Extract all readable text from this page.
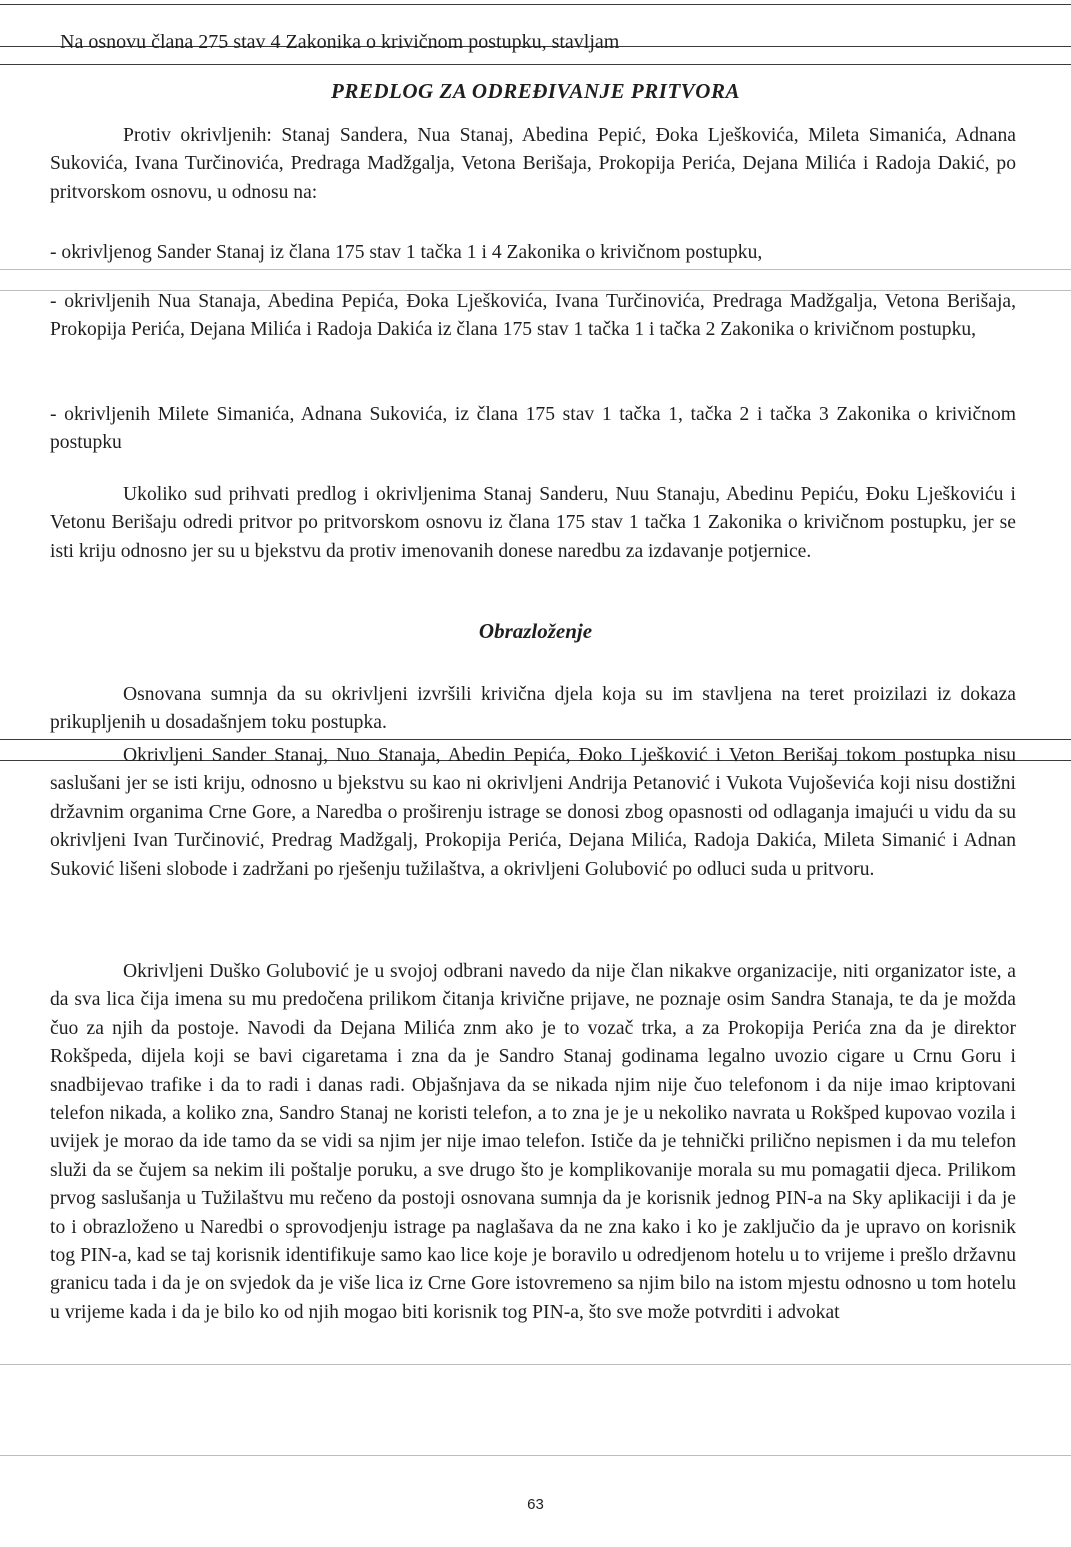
Na osnovu člana 275 stav 4 Zakonika o krivičnom postupku, stavljam
PREDLOG ZA ODREĐIVANJE PRITVORA

Protiv okrivljenih: Stanaj Sandera, Nua Stanaj, Abedina Pepić, Đoka Lješkovića, Mileta Simanića, Adnana Sukovića, Ivana Turčinovića, Predraga Madžgalja, Vetona Berišaja, Prokopija Perića, Dejana Milića i Radoja Dakić, po pritvorskom osnovu, u odnosu na:

- okrivljenog Sander Stanaj iz člana 175 stav 1 tačka 1 i 4 Zakonika o krivičnom postupku,

- okrivljenih Nua Stanaja, Abedina Pepića, Đoka Lješkovića, Ivana Turčinovića, Predraga Madžgalja, Vetona Berišaja, Prokopija Perića, Dejana Milića i Radoja Dakića iz člana 175 stav 1 tačka 1 i tačka 2 Zakonika o krivičnom postupku,

- okrivljenih Milete Simanića, Adnana Sukovića, iz člana 175 stav 1 tačka 1, tačka 2 i tačka 3 Zakonika o krivičnom postupku

Ukoliko sud prihvati predlog i okrivljenima Stanaj Sanderu, Nuu Stanaju, Abedinu Pepiću, Đoku Lješkoviću i Vetonu Berišaju odredi pritvor po pritvorskom osnovu iz člana 175 stav 1 tačka 1 Zakonika o krivičnom postupku, jer se isti kriju odnosno jer su u bjekstvu da protiv imenovanih donese naredbu za izdavanje potjernice.

Obrazloženje

Osnovana sumnja da su okrivljeni izvršili krivična djela koja su im stavljena na teret proizilazi iz dokaza prikupljenih u dosadašnjem toku postupka.

Okrivljeni Sander Stanaj, Nuo Stanaja, Abedin Pepića, Đoko Lješković i Veton Berišaj tokom postupka nisu saslušani jer se isti kriju, odnosno u bjekstvu su kao ni okrivljeni Andrija Petanović i Vukota Vujoševića koji nisu dostižni državnim organima Crne Gore, a Naredba o proširenju istrage se donosi zbog opasnosti od odlaganja imajući u vidu da su okrivljeni Ivan Turčinović, Predrag Madžgalj, Prokopija Perića, Dejana Milića, Radoja Dakića, Mileta Simanić i Adnan Suković lišeni slobode i zadržani po rješenju tužilaštva, a okrivljeni Golubović po odluci suda u pritvoru.

Okrivljeni Duško Golubović je u svojoj odbrani navedo da nije član nikakve organizacije, niti organizator iste, a da sva lica čija imena su mu predočena prilikom čitanja krivične prijave, ne poznaje osim Sandra Stanaja, te da je možda čuo za njih da postoje. Navodi da Dejana Milića znm ako je to vozač trka, a za Prokopija Perića zna da je direktor Rokšpeda, dijela koji se bavi cigaretama i zna da je Sandro Stanaj godinama legalno uvozio cigare u Crnu Goru i snadbijevao trafike i da to radi i danas radi. Objašnjava da se nikada njim nije čuo telefonom i da nije imao kriptovani telefon nikada, a koliko zna, Sandro Stanaj ne koristi telefon, a to zna je je u nekoliko navrata u Rokšped kupovao vozila i uvijek je morao da ide tamo da se vidi sa njim jer nije imao telefon. Ističe da je tehnički prilično nepismen i da mu telefon služi da se čujem sa nekim ili poštalje poruku, a sve drugo što je komplikovanije morala su mu pomagatii djeca. Prilikom prvog saslušanja u Tužilaštvu mu rečeno da postoji osnovana sumnja da je korisnik jednog PIN-a na Sky aplikaciji i da je to i obrazloženo u Naredbi o sprovodjenju istrage pa naglašava da ne zna kako i ko je zaključio da je upravo on korisnik tog PIN-a, kad se taj korisnik identifikuje samo kao lice koje je boravilo u odredjenom hotelu u to vrijeme i prešlo državnu granicu tada i da je on svjedok da je više lica iz Crne Gore istovremeno sa njim bilo na istom mjestu odnosno u tom hotelu u vrijeme kada i da je bilo ko od njih mogao biti korisnik tog PIN-a, što sve može potvrditi i advokat

63
